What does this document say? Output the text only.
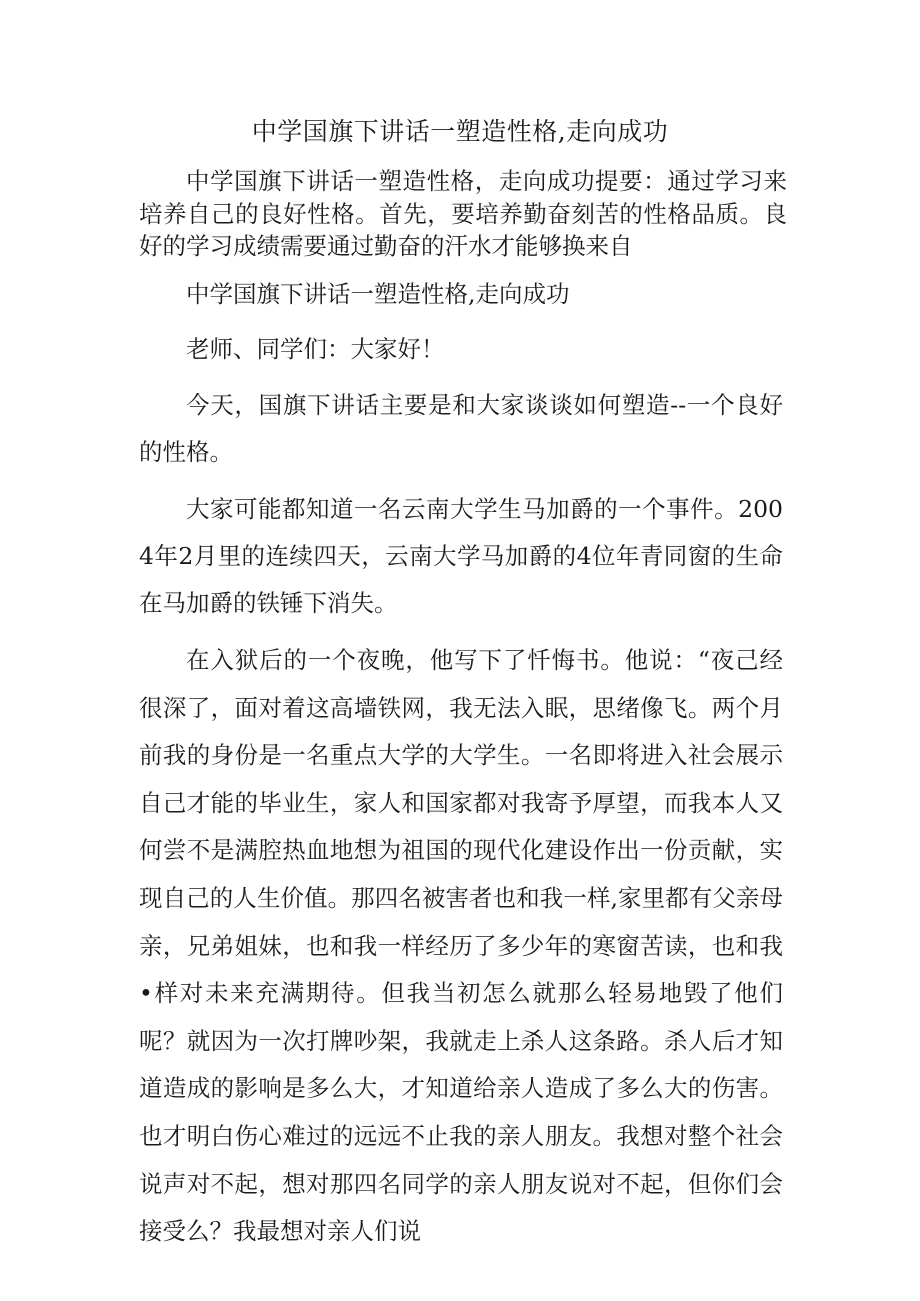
中学国旗下讲话一塑造性格,走向成功

中学国旗下讲话一塑造性格，走向成功提要：通过学习来培养自己的良好性格。首先，要培养勤奋刻苦的性格品质。良好的学习成绩需要通过勤奋的汗水才能够换来自

中学国旗下讲话一塑造性格,走向成功

老师、同学们：大家好！

今天，国旗下讲话主要是和大家谈谈如何塑造--一个良好的性格。

大家可能都知道一名云南大学生马加爵的一个事件。2004年2月里的连续四天，云南大学马加爵的4位年青同窗的生命在马加爵的铁锤下消失。

在入狱后的一个夜晚，他写下了忏悔书。他说：“夜己经很深了，面对着这高墙铁网，我无法入眠，思绪像飞。两个月前我的身份是一名重点大学的大学生。一名即将进入社会展示自己才能的毕业生，家人和国家都对我寄予厚望，而我本人又何尝不是满腔热血地想为祖国的现代化建设作出一份贡献，实现自己的人生价值。那四名被害者也和我一样,家里都有父亲母亲，兄弟姐妹，也和我一样经历了多少年的寒窗苦读，也和我•样对未来充满期待。但我当初怎么就那么轻易地毁了他们呢？就因为一次打牌吵架，我就走上杀人这条路。杀人后才知道造成的影响是多么大，才知道给亲人造成了多么大的伤害。也才明白伤心难过的远远不止我的亲人朋友。我想对整个社会说声对不起，想对那四名同学的亲人朋友说对不起，但你们会接受么？我最想对亲人们说
